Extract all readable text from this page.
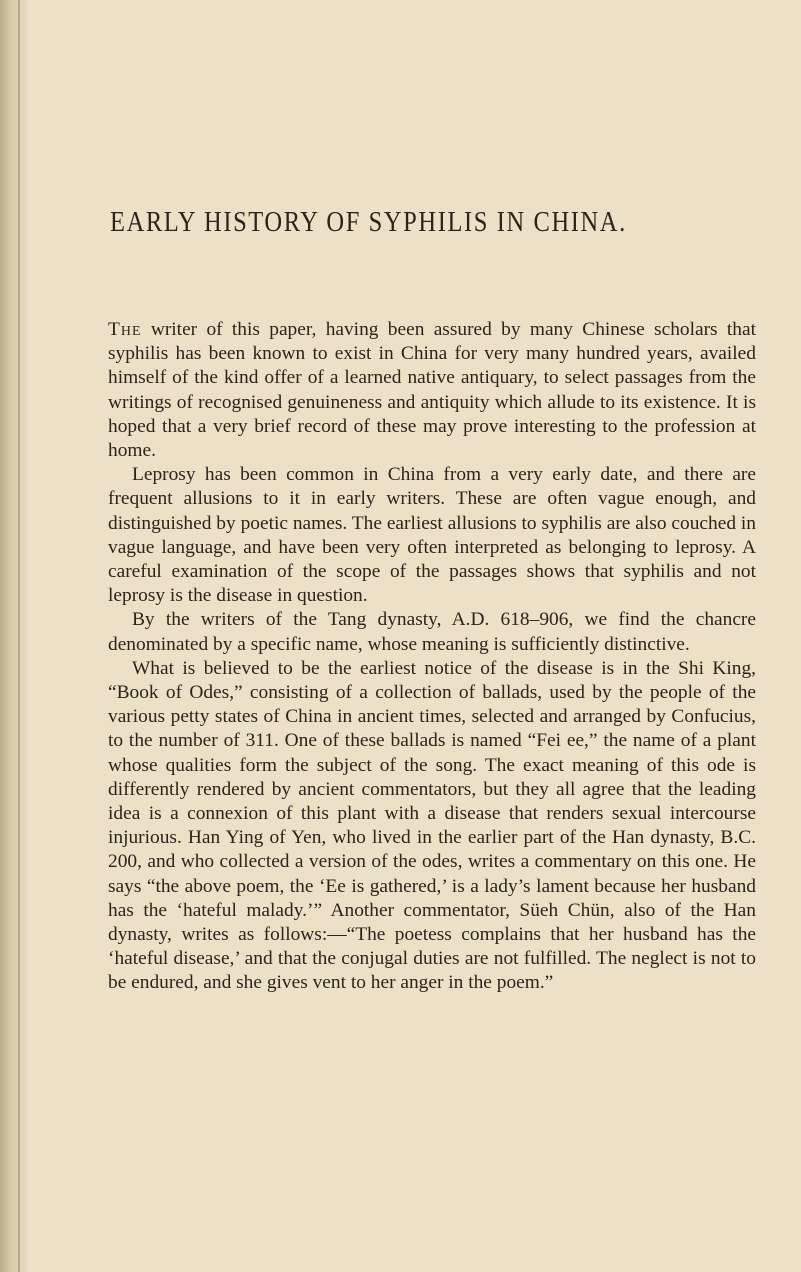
EARLY HISTORY OF SYPHILIS IN CHINA.

The writer of this paper, having been assured by many Chinese scholars that syphilis has been known to exist in China for very many hundred years, availed himself of the kind offer of a learned native antiquary, to select passages from the writings of recognised genuineness and antiquity which allude to its existence. It is hoped that a very brief record of these may prove interesting to the profession at home.

Leprosy has been common in China from a very early date, and there are frequent allusions to it in early writers. These are often vague enough, and distinguished by poetic names. The earliest allusions to syphilis are also couched in vague language, and have been very often interpreted as belonging to leprosy. A careful examination of the scope of the passages shows that syphilis and not leprosy is the disease in question.

By the writers of the Tang dynasty, A.D. 618–906, we find the chancre denominated by a specific name, whose meaning is sufficiently distinctive.

What is believed to be the earliest notice of the disease is in the Shi King, “Book of Odes,” consisting of a collection of ballads, used by the people of the various petty states of China in ancient times, selected and arranged by Confucius, to the number of 311. One of these ballads is named “Fei ee,” the name of a plant whose qualities form the subject of the song. The exact meaning of this ode is differently rendered by ancient commentators, but they all agree that the leading idea is a connexion of this plant with a disease that renders sexual intercourse injurious. Han Ying of Yen, who lived in the earlier part of the Han dynasty, B.C. 200, and who collected a version of the odes, writes a commentary on this one. He says “the above poem, the ‘Ee is gathered,’ is a lady’s lament because her husband has the ‘hateful malady.’” Another commentator, Süeh Chün, also of the Han dynasty, writes as follows:—“The poetess complains that her husband has the ‘hateful disease,’ and that the conjugal duties are not fulfilled. The neglect is not to be endured, and she gives vent to her anger in the poem.”
